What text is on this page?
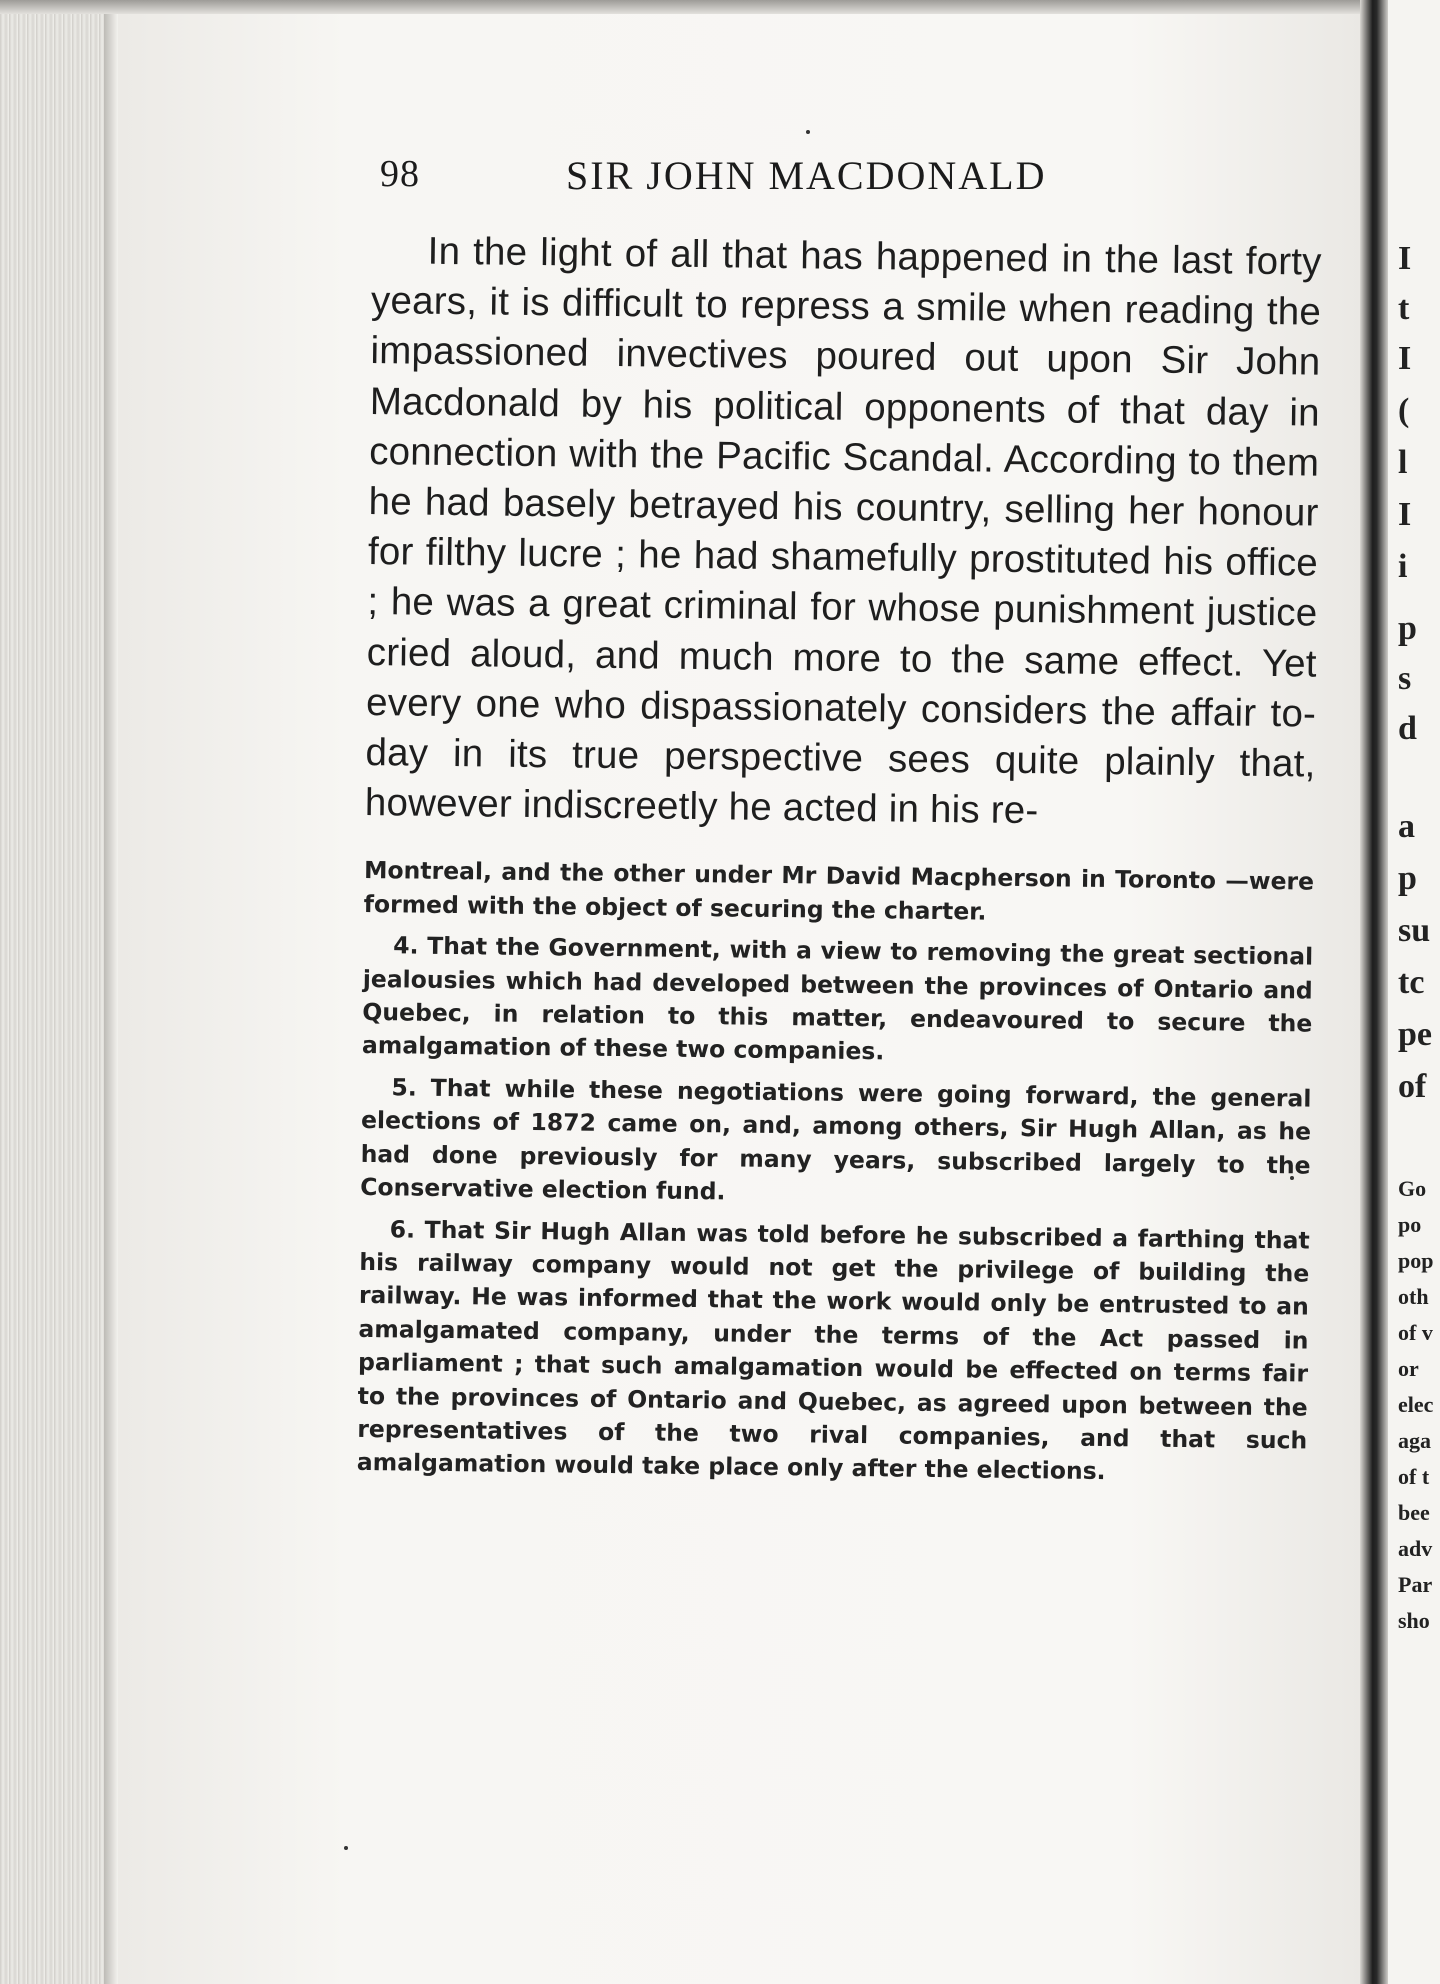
I
t
I
(
l
I
i
p
s
d
a
p
su
tc
pe
of
Go
po
pop
oth
of v
or
elec
aga
of t
bee
adv
Par
sho
98	SIR JOHN MACDONALD

In the light of all that has happened in the last forty years, it is difficult to repress a smile when reading the impassioned invectives poured out upon Sir John Macdonald by his political opponents of that day in connection with the Pacific Scandal. According to them he had basely betrayed his country, selling her honour for filthy lucre ; he had shamefully prostituted his office ; he was a great criminal for whose punishment justice cried aloud, and much more to the same effect. Yet every one who dispassionately considers the affair to-day in its true perspective sees quite plainly that, however indiscreetly he acted in his re-

Montreal, and the other under Mr David Macpherson in Toronto —were formed with the object of securing the charter.

4. That the Government, with a view to removing the great sectional jealousies which had developed between the provinces of Ontario and Quebec, in relation to this matter, endeavoured to secure the amalgamation of these two companies.

5. That while these negotiations were going forward, the general elections of 1872 came on, and, among others, Sir Hugh Allan, as he had done previously for many years, subscribed largely to the Conservative election fund.

6. That Sir Hugh Allan was told before he subscribed a farthing that his railway company would not get the privilege of building the railway. He was informed that the work would only be entrusted to an amalgamated company, under the terms of the Act passed in parliament ; that such amalgamation would be effected on terms fair to the provinces of Ontario and Quebec, as agreed upon between the representatives of the two rival companies, and that such amalgamation would take place only after the elections.
